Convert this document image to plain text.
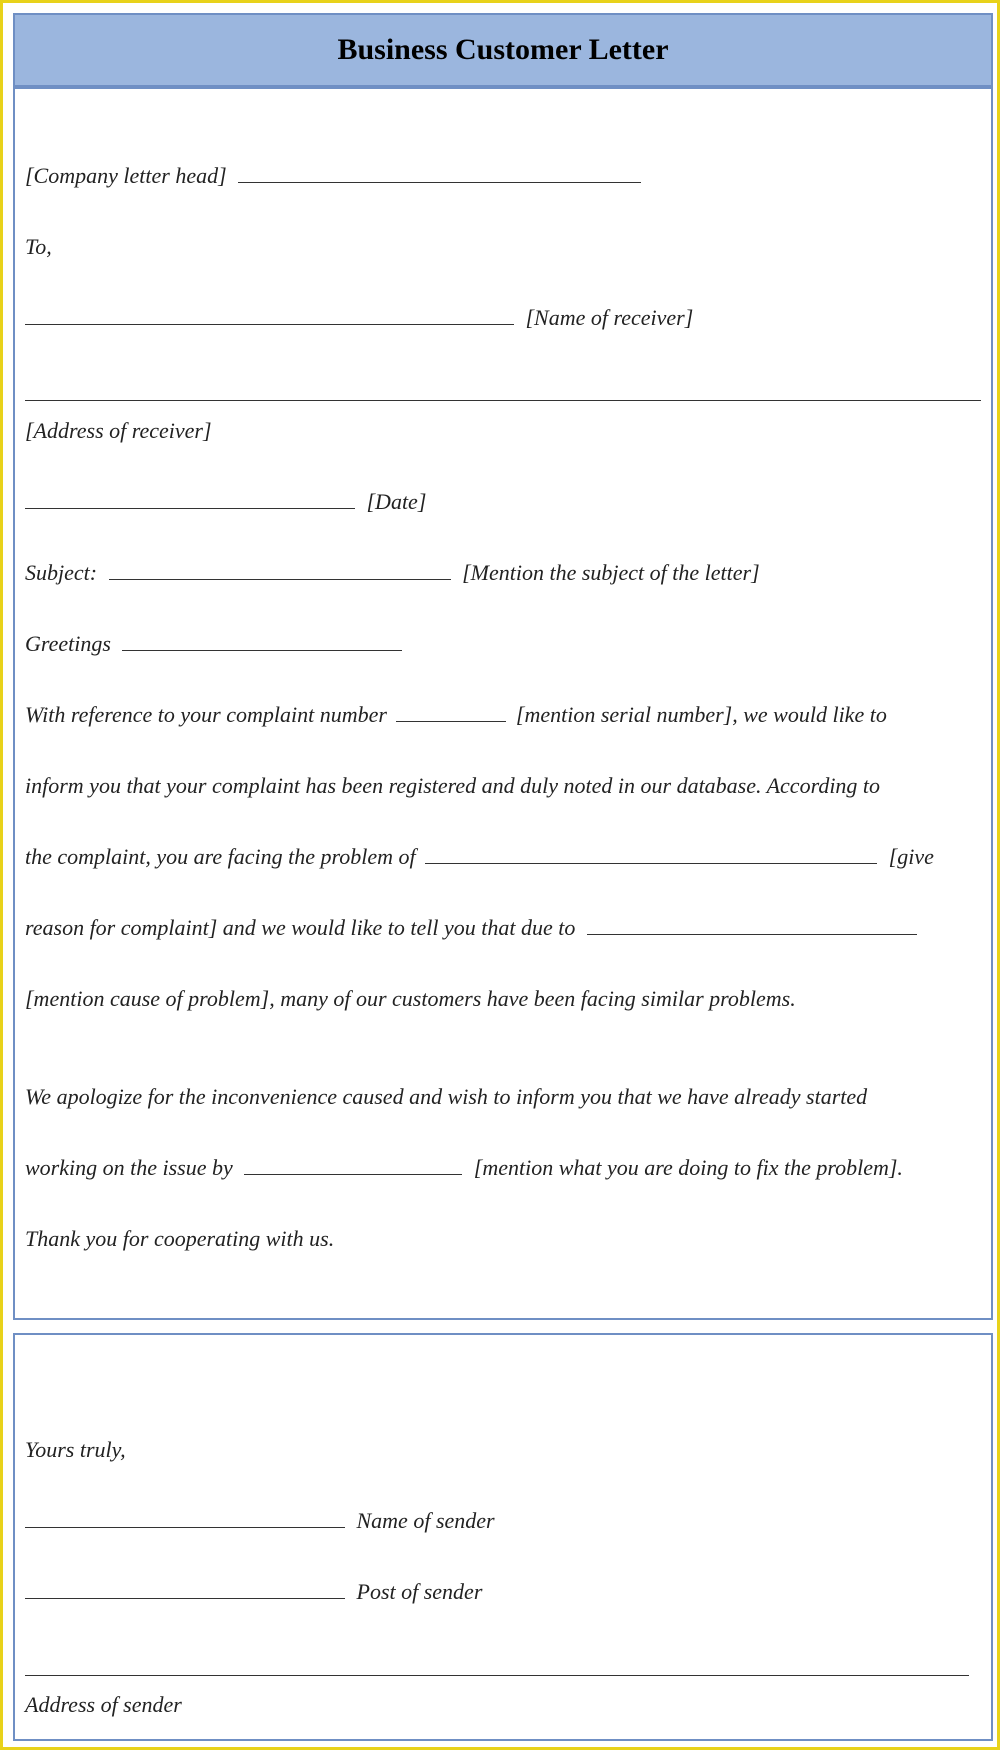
Business Customer Letter
[Company letter head]
To,
[Name of receiver]
[Address of receiver]
[Date]
Subject:	[Mention the subject of the letter]
Greetings
With reference to your complaint number	[mention serial number], we would like to
inform you that your complaint has been registered and duly noted in our database. According to
the complaint, you are facing the problem of	[give
reason for complaint] and we would like to tell you that due to
[mention cause of problem], many of our customers have been facing similar problems.
We apologize for the inconvenience caused and wish to inform you that we have already started
working on the issue by	[mention what you are doing to fix the problem].
Thank you for cooperating with us.
Yours truly,
Name of sender
Post of sender
Address of sender
